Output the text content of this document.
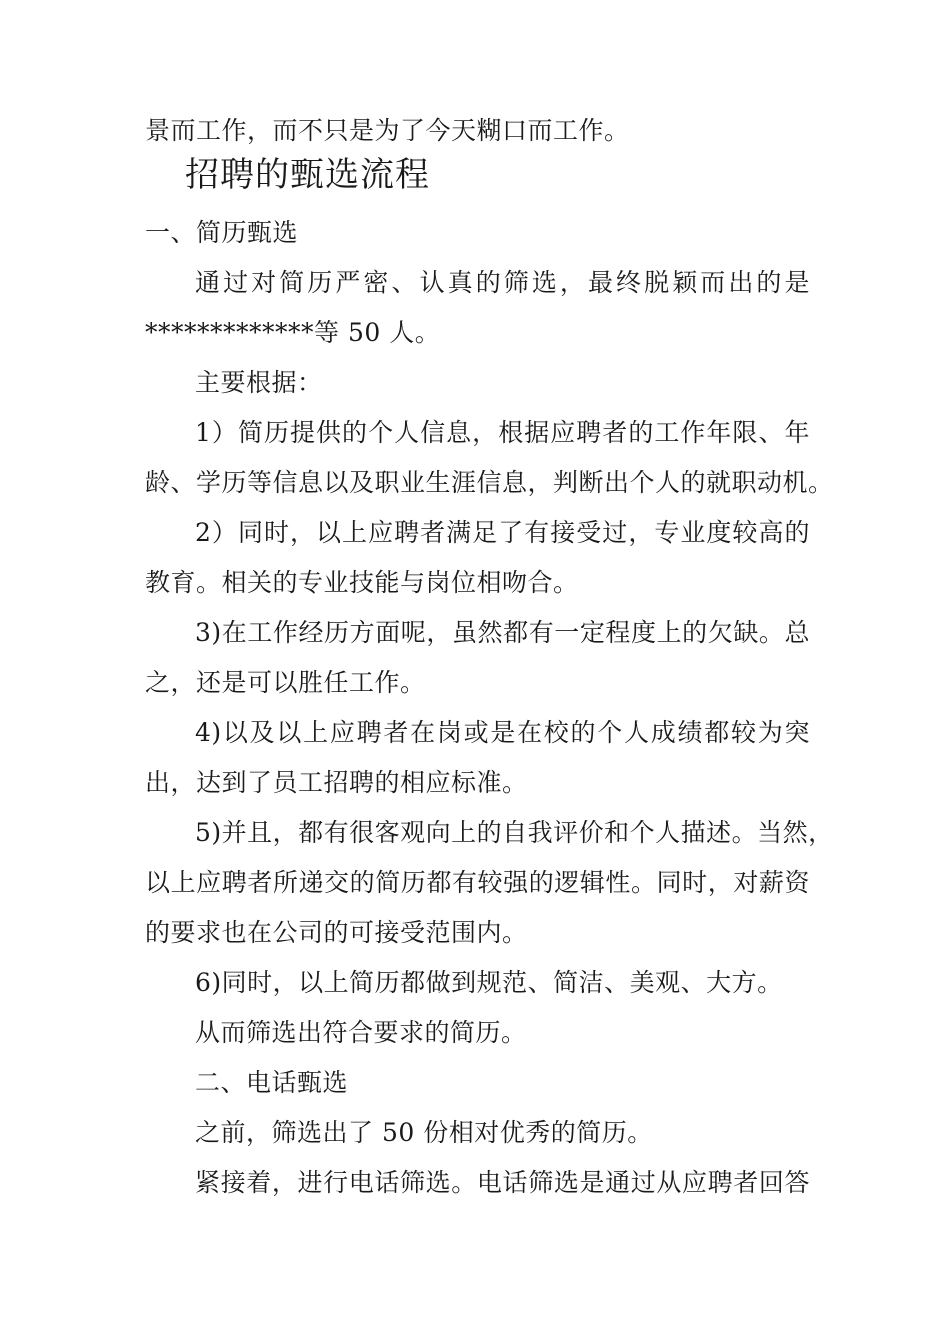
景而工作，而不只是为了今天糊口而工作。
招聘的甄选流程
一、简历甄选
通过对简历严密、认真的筛选，最终脱颖而出的是
*************等 50 人。
主要根据：
1）简历提供的个人信息，根据应聘者的工作年限、年
龄、学历等信息以及职业生涯信息，判断出个人的就职动机。
2）同时，以上应聘者满足了有接受过，专业度较高的
教育。相关的专业技能与岗位相吻合。
3)在工作经历方面呢，虽然都有一定程度上的欠缺。总
之，还是可以胜任工作。
4)以及以上应聘者在岗或是在校的个人成绩都较为突
出，达到了员工招聘的相应标准。
5)并且，都有很客观向上的自我评价和个人描述。当然，
以上应聘者所递交的简历都有较强的逻辑性。同时，对薪资
的要求也在公司的可接受范围内。
6)同时，以上简历都做到规范、简洁、美观、大方。
从而筛选出符合要求的简历。
二、电话甄选
之前，筛选出了 50 份相对优秀的简历。
紧接着，进行电话筛选。电话筛选是通过从应聘者回答
